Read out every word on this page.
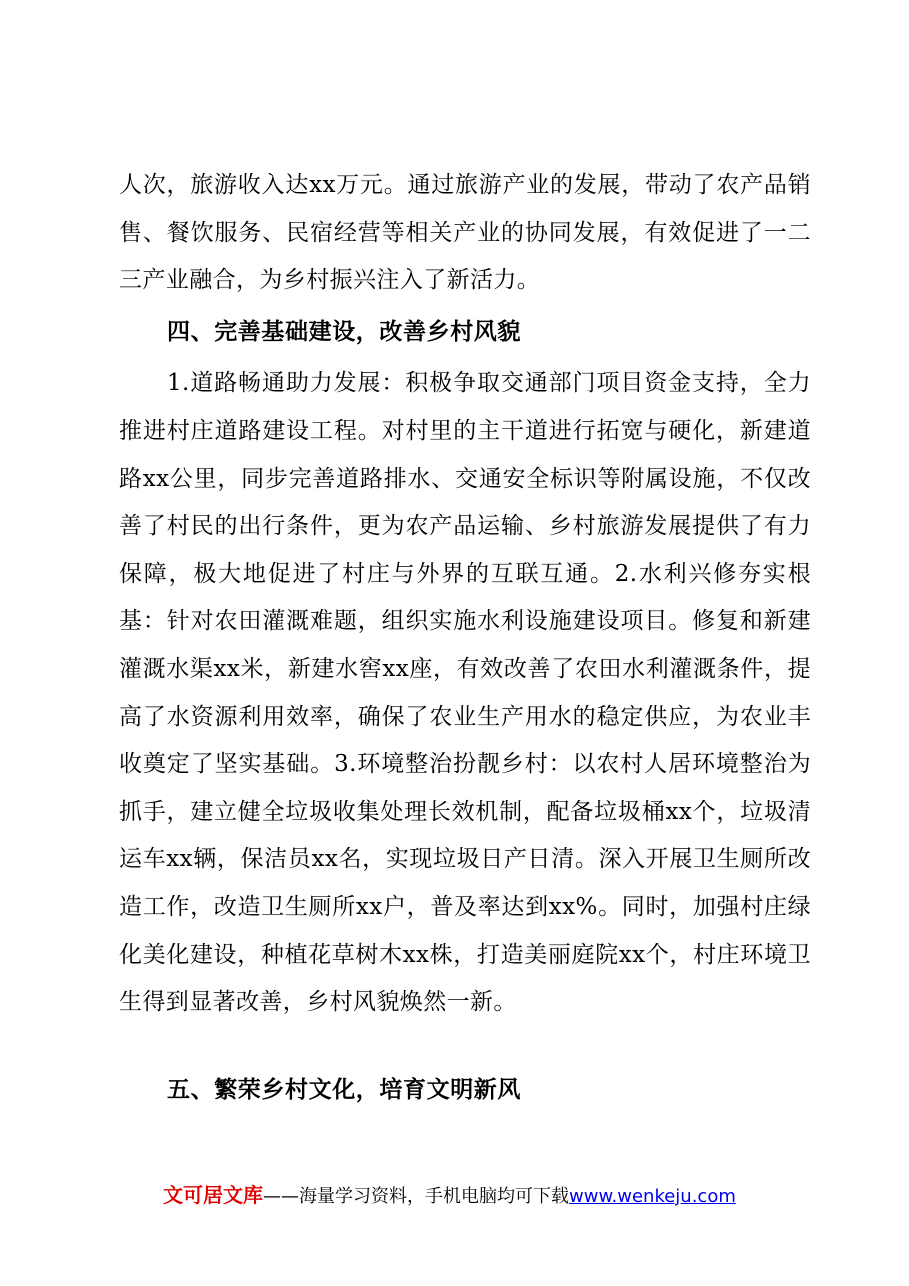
人次，旅游收入达xx万元。通过旅游产业的发展，带动了农产品销售、餐饮服务、民宿经营等相关产业的协同发展，有效促进了一二三产业融合，为乡村振兴注入了新活力。

四、完善基础建设，改善乡村风貌

1.道路畅通助力发展：积极争取交通部门项目资金支持，全力推进村庄道路建设工程。对村里的主干道进行拓宽与硬化，新建道路xx公里，同步完善道路排水、交通安全标识等附属设施，不仅改善了村民的出行条件，更为农产品运输、乡村旅游发展提供了有力保障，极大地促进了村庄与外界的互联互通。2.水利兴修夯实根基：针对农田灌溉难题，组织实施水利设施建设项目。修复和新建灌溉水渠xx米，新建水窖xx座，有效改善了农田水利灌溉条件，提高了水资源利用效率，确保了农业生产用水的稳定供应，为农业丰收奠定了坚实基础。3.环境整治扮靓乡村：以农村人居环境整治为抓手，建立健全垃圾收集处理长效机制，配备垃圾桶xx个，垃圾清运车xx辆，保洁员xx名，实现垃圾日产日清。深入开展卫生厕所改造工作，改造卫生厕所xx户，普及率达到xx%。同时，加强村庄绿化美化建设，种植花草树木xx株，打造美丽庭院xx个，村庄环境卫生得到显著改善，乡村风貌焕然一新。

五、繁荣乡村文化，培育文明新风
文可居文库——海量学习资料，手机电脑均可下载www.wenkeju.com
